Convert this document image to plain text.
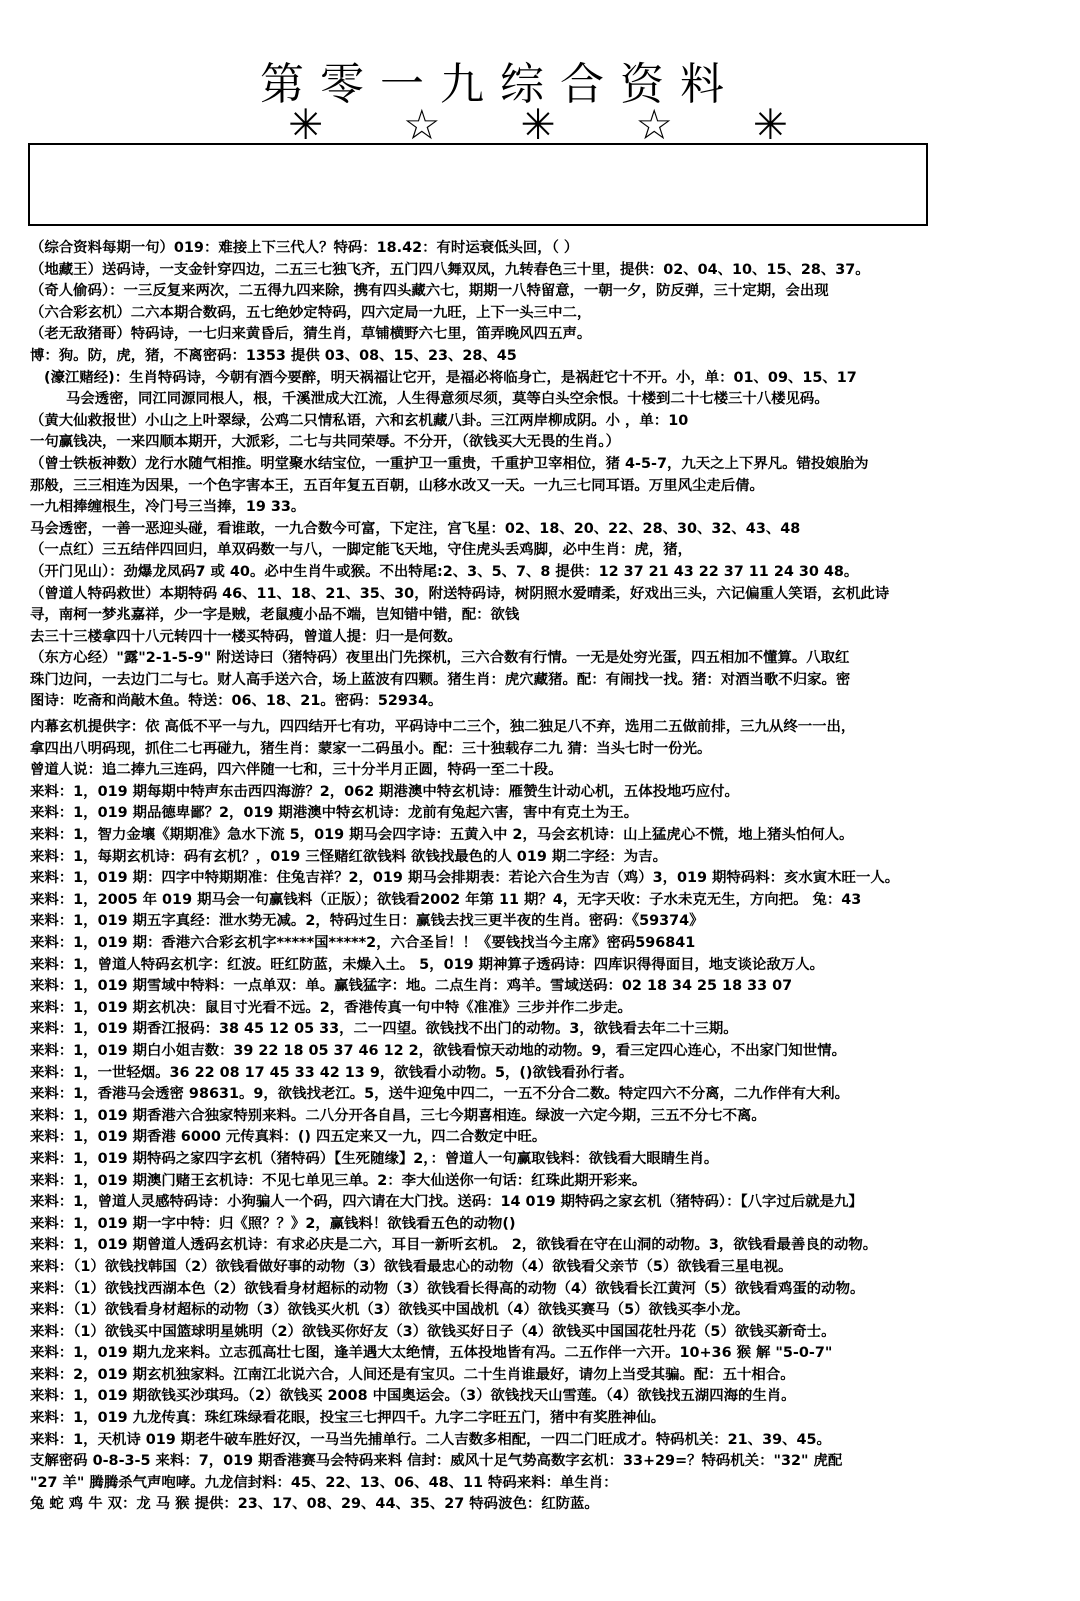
第零一九综合资料
✳ ☆ ✳ ☆ ✳
（综合资料每期一句）019：难接上下三代人？特码：18.42：有时运衰低头回，（ ）
（地藏王）送码诗，一支金针穿四边，二五三七独飞齐，五门四八舞双凤，九转春色三十里，提供：02、04、10、15、28、37。
（奇人偷码）：一三反复来两次，二五得九四来除，携有四头藏六七，期期一八特留意，一朝一夕，防反弹，三十定期，会出现
（六合彩玄机）二六本期合数码，五七绝妙定特码，四六定局一九旺，上下一头三中二，
（老无敌猪哥）特码诗，一七归来黄昏后，猜生肖，草铺横野六七里，笛弄晚风四五声。
博：狗。防，虎，猪，不离密码：1353 提供 03、08、15、23、28、45
(濠江赌经)：生肖特码诗，今朝有酒今要醉，明天祸福让它开，是福必将临身亡，是祸赶它十不开。小，单：01、09、15、17
马会透密，同江同源同根人，根，千溪泄成大江流，人生得意须尽须，莫等白头空余恨。十楼到二十七楼三十八楼见码。
（黄大仙救报世）小山之上叶翠绿，公鸡二只情私语，六和玄机藏八卦。三江两岸柳成阴。小 ，单：10
一句赢钱决，一来四顺本期开，大派彩，二七与共同荣辱。不分开，（欲钱买大无畏的生肖。）
（曾士铁板神数）龙行水随气相推。明堂聚水结宝位，一重护卫一重贵，千重护卫宰相位，猪 4-5-7，九天之上下界凡。错投娘胎为
那般，三三相连为因果，一个色字害本王，五百年复五百朝，山移水改又一天。一九三七同耳语。万里风尘走后倩。
一九相捧缠根生，冷门号三当捧，19 33。
马会透密，一善一恶迎头碰，看谁敢，一九合数今可富，下定注，宫飞星：02、18、20、22、28、30、32、43、48
（一点红）三五结伴四回归，单双码数一与八，一脚定能飞天地，守住虎头丢鸡脚，必中生肖：虎，猪，
（开门见山）：劲爆龙凤码7 或 40。必中生肖牛或猴。不出特尾:2、3、5、7、8 提供：12 37 21 43 22 37 11 24 30 48。
（曾道人特码救世）本期特码 46、11、18、21、35、30，附送特码诗，树阴照水爱晴柔，好戏出三头，六记偏重人笑语，玄机此诗
寻，南柯一梦兆嘉祥，少一字是贼，老鼠瘦小品不端，岂知错中错，配：欲钱
去三十三楼拿四十八元转四十一楼买特码，曾道人提：归一是何数。
（东方心经）"露"2-1-5-9" 附送诗曰（猪特码）夜里出门先探机，三六合数有行情。一无是处穷光蛋，四五相加不懂算。八取红
珠门边问，一去边门二与七。财人高手送六合，场上蓝波有四颗。猪生肖：虎穴藏猪。配：有闹找一找。猪：对酒当歌不归家。密
图诗：吃斋和尚敲木鱼。特送：06、18、21。密码：52934。
内幕玄机提供字：依 高低不平一与九，四四结开七有功，平码诗中二三个，独二独足八不弃，选用二五做前排，三九从终一一出，
拿四出八明码现，抓住二七再碰九，猪生肖：蒙家一二码虽小。配：三十独载存二九 猜：当头七时一份光。
曾道人说：追二捧九三连码，四六伴随一七和，三十分半月正圆，特码一至二十段。
来料：1，019 期每期中特声东击西四海游？2，062 期港澳中特玄机诗：雁赞生计动心机，五体投地巧应付。
来料：1，019 期品德卑鄙？2，019 期港澳中特玄机诗：龙前有兔起六害，害中有克土为王。
来料：1，智力金壤《期期准》急水下流 5，019 期马会四字诗：五黄入中 2，马会玄机诗：山上猛虎心不慌，地上猪头怕何人。
来料：1，每期玄机诗：码有玄机？，019 三怪赌红欲钱料 欲钱找最色的人 019 期二字经：为吉。
来料：1，019 期：四字中特期期准：住兔吉祥？2，019 期马会排期表：若论六合生为吉（鸡）3，019 期特码料：亥水寅木旺一人。
来料：1，2005 年 019 期马会一句赢钱料（正版）；欲钱看2002 年第 11 期？4，无字天收：子水未克无生，方向把。 兔：43
来料：1，019 期五字真经：泄水势无减。2，特码过生日：赢钱去找三更半夜的生肖。密码：《59374》
来料：1，019 期：香港六合彩玄机字*****国*****2，六合圣旨！！《要钱找当今主席》密码596841
来料：1，曾道人特码玄机字：红波。旺红防蓝，未燥入土。 5，019 期神算子透码诗：四库识得得面目，地支谈论敌万人。
来料：1，019 期雪域中特料：一点单双：单。赢钱猛字：地。二点生肖：鸡羊。雪域送码：02 18 34 25 18 33 07
来料：1，019 期玄机决：鼠目寸光看不远。2，香港传真一句中特《准准》三步并作二步走。
来料：1，019 期香江报码：38 45 12 05 33，二一四望。欲钱找不出门的动物。3，欲钱看去年二十三期。
来料：1，019 期白小姐吉数：39 22 18 05 37 46 12 2，欲钱看惊天动地的动物。9，看三定四心连心，不出家门知世情。
来料：1，一世轻烟。36 22 08 17 45 33 42 13 9，欲钱看小动物。5，()欲钱看孙行者。
来料：1，香港马会透密 98631。9，欲钱找老江。5，送牛迎兔中四二，一五不分合二数。特定四六不分离，二九作伴有大利。
来料：1，019 期香港六合独家特别来料。二八分开各自昌，三七今期喜相连。绿波一六定今期，三五不分七不离。
来料：1，019 期香港 6000 元传真料：() 四五定来又一九，四二合数定中旺。
来料：1，019 期特码之家四字玄机（猪特码）【生死随缘】2，：曾道人一句赢取钱料：欲钱看大眼睛生肖。
来料：1，019 期澳门赌王玄机诗：不见七单见三单。2：李大仙送你一句话：红珠此期开彩来。
来料：1，曾道人灵感特码诗：小狗骗人一个码，四六请在大门找。送码：14 019 期特码之家玄机（猪特码）：【八字过后就是九】
来料：1，019 期一字中特：归《照？？》2，赢钱料！欲钱看五色的动物()
来料：1，019 期曾道人透码玄机诗：有求必庆是二六，耳目一新听玄机。 2，欲钱看在守在山洞的动物。3，欲钱看最善良的动物。
来料：（1）欲钱找韩国（2）欲钱看做好事的动物（3）欲钱看最忠心的动物（4）欲钱看父亲节（5）欲钱看三星电视。
来料：（1）欲钱找西湖本色（2）欲钱看身材超标的动物（3）欲钱看长得高的动物（4）欲钱看长江黄河（5）欲钱看鸡蛋的动物。
来料：（1）欲钱看身材超标的动物（3）欲钱买火机（3）欲钱买中国战机（4）欲钱买赛马（5）欲钱买李小龙。
来料：（1）欲钱买中国篮球明星姚明（2）欲钱买你好友（3）欲钱买好日子（4）欲钱买中国国花牡丹花（5）欲钱买新奇士。
来料：1，019 期九龙来料。立志孤高壮七图，逢羊遇大太绝情，五体投地皆有冯。二五作伴一六开。10+36 猴 解 "5-0-7"
来料：2，019 期玄机独家料。江南江北说六合，人间还是有宝贝。二十生肖谁最好，请勿上当受其骗。配：五十相合。
来料：1，019 期欲钱买沙琪玛。（2）欲钱买 2008 中国奥运会。（3）欲钱找天山雪莲。（4）欲钱找五湖四海的生肖。
来料：1，019 九龙传真：珠红珠绿看花眼，投宝三七押四千。九字二字旺五门，猪中有奖胜神仙。
来料：1，天机诗 019 期老牛破车胜好汉，一马当先捕单行。二人吉数多相配，一四二门旺成才。特码机关：21、39、45。
支解密码 0-8-3-5 来料：7，019 期香港赛马会特码来料 信封：威风十足气势高数字玄机：33+29=？特码机关："32" 虎配
"27 羊" 腾腾杀气声咆哮。九龙信封料：45、22、13、06、48、11 特码来料：单生肖：
兔 蛇 鸡 牛 双：龙 马 猴 提供：23、17、08、29、44、35、27 特码波色：红防蓝。
